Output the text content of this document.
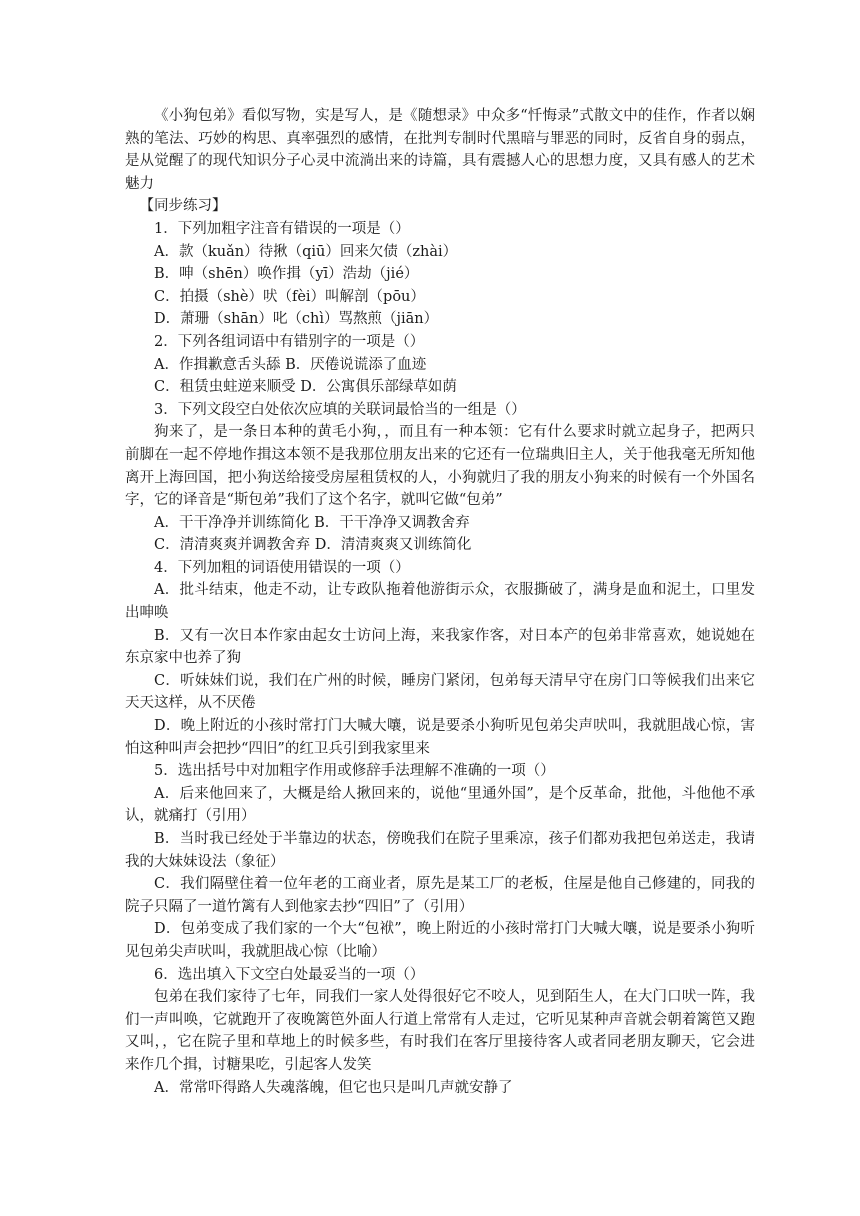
《小狗包弟》看似写物，实是写人，是《随想录》中众多“忏悔录”式散文中的佳作，作者以娴熟的笔法、巧妙的构思、真率强烈的感情，在批判专制时代黑暗与罪恶的同时，反省自身的弱点，是从觉醒了的现代知识分子心灵中流淌出来的诗篇，具有震撼人心的思想力度，又具有感人的艺术魅力

【同步练习】

1．下列加粗字注音有错误的一项是（）

A．款（kuǎn）待揪（qiū）回来欠债（zhài）

B．呻（shēn）唤作揖（yī）浩劫（jié）

C．拍摄（shè）吠（fèi）叫解剖（pōu）

D．萧珊（shān）叱（chì）骂熬煎（jiān）

2．下列各组词语中有错别字的一项是（）

A．作揖歉意舌头舔 B．厌倦说谎添了血迹

C．租赁虫蛀逆来顺受 D．公寓俱乐部绿草如荫

3．下列文段空白处依次应填的关联词最恰当的一组是（）

狗来了，是一条日本种的黄毛小狗，，而且有一种本领：它有什么要求时就立起身子，把两只前脚在一起不停地作揖这本领不是我那位朋友出来的它还有一位瑞典旧主人，关于他我毫无所知他离开上海回国，把小狗送给接受房屋租赁权的人，小狗就归了我的朋友小狗来的时候有一个外国名字，它的译音是“斯包弟”我们了这个名字，就叫它做“包弟”

A．干干净净并训练简化 B．干干净净又调教舍弃

C．清清爽爽并调教舍弃 D．清清爽爽又训练简化

4．下列加粗的词语使用错误的一项（）

A．批斗结束，他走不动，让专政队拖着他游街示众，衣服撕破了，满身是血和泥土，口里发出呻唤

B．又有一次日本作家由起女士访问上海，来我家作客，对日本产的包弟非常喜欢，她说她在东京家中也养了狗

C．听妹妹们说，我们在广州的时候，睡房门紧闭，包弟每天清早守在房门口等候我们出来它天天这样，从不厌倦

D．晚上附近的小孩时常打门大喊大嚷，说是要杀小狗听见包弟尖声吠叫，我就胆战心惊，害怕这种叫声会把抄“四旧”的红卫兵引到我家里来

5．选出括号中对加粗字作用或修辞手法理解不准确的一项（）

A．后来他回来了，大概是给人揪回来的，说他“里通外国”，是个反革命，批他，斗他他不承认，就痛打（引用）

B．当时我已经处于半靠边的状态，傍晚我们在院子里乘凉，孩子们都劝我把包弟送走，我请我的大妹妹设法（象征）

C．我们隔壁住着一位年老的工商业者，原先是某工厂的老板，住屋是他自己修建的，同我的院子只隔了一道竹篱有人到他家去抄“四旧”了（引用）

D．包弟变成了我们家的一个大“包袱”，晚上附近的小孩时常打门大喊大嚷，说是要杀小狗听见包弟尖声吠叫，我就胆战心惊（比喻）

6．选出填入下文空白处最妥当的一项（）

包弟在我们家待了七年，同我们一家人处得很好它不咬人，见到陌生人，在大门口吠一阵，我们一声叫唤，它就跑开了夜晚篱笆外面人行道上常常有人走过，它听见某种声音就会朝着篱笆又跑又叫，，它在院子里和草地上的时候多些，有时我们在客厅里接待客人或者同老朋友聊天，它会进来作几个揖，讨糖果吃，引起客人发笑

A．常常吓得路人失魂落魄，但它也只是叫几声就安静了
